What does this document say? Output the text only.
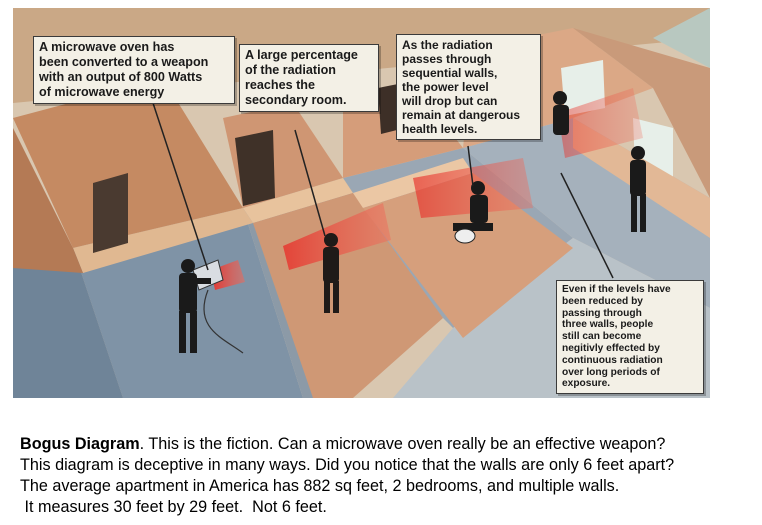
A microwave oven has
been converted to a weapon
with an output of 800 Watts
of microwave energy
A large percentage
of the radiation
reaches the
secondary room.
As the radiation
passes through
sequential walls,
the power level
will drop but can
remain at dangerous
health levels.
Even if the levels have
been reduced by
passing through
three walls, people
still can become
negitivly effected by
continuous radiation
over long periods of
exposure.
Bogus Diagram. This is the fiction. Can a microwave oven really be an effective weapon?
This diagram is deceptive in many ways. Did you notice that the walls are only 6 feet apart?
The average apartment in America has 882 sq feet, 2 bedrooms, and multiple walls.
It measures 30 feet by 29 feet.  Not 6 feet.
